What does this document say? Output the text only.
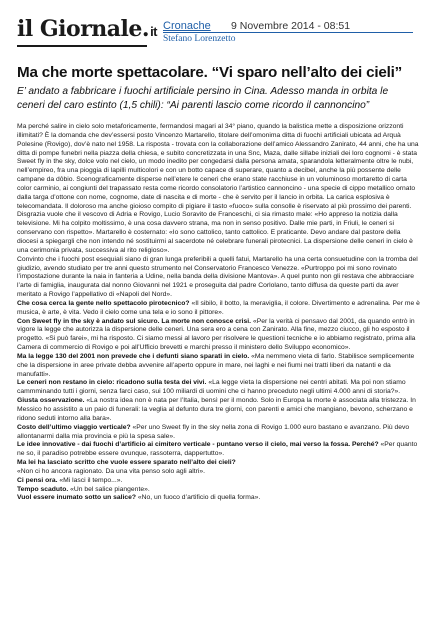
il Giornale.it Cronache 9 Novembre 2014 - 08:51
Stefano Lorenzetto
Ma che morte spettacolare. “Vi sparo nell’alto dei cieli”

E’ andato a fabbricare i fuochi artificiale persino in Cina. Adesso manda in orbita le ceneri del caro estinto (1,5 chili): “Ai parenti lascio come ricordo il cannoncino”

Ma perché salire in cielo solo metaforicamente, fermandosi magari al 34° piano, quando la balistica mette a disposizione orizzonti illimitati? È la domanda che dev’essersi posto Vincenzo Martarello, titolare dell’omonima ditta di fuochi artificiali ubicata ad Arquà Polesine (Rovigo), dov’è nato nel 1958. La risposta - trovata con la collaborazione dell’amico Alessandro Zanirato, 44 anni, che ha una ditta di pompe funebri nella piazza della chiesa, e subito concretizzata in una Snc, Maza, dalle sillabe iniziali dei loro cognomi - è stata Sweet fly in the sky, dolce volo nel cielo, un modo inedito per congedarsi dalla persona amata, sparandola letteralmente oltre le nubi, nell’empireo, fra una pioggia di lapilli multicolori e con un botto capace di superare, quanto a decibel, anche la più possente delle campane da dôbio. Scenograficamente disperse nell’etere le ceneri che erano state racchiuse in un voluminoso mortaretto di carta color carminio, ai congiunti del trapassato resta come ricordo consolatorio l’artistico cannoncino - una specie di cippo metallico ornato dalla targa d’ottone con nome, cognome, date di nascita e di morte - che è servito per il lancio in orbita. La carica esplosiva è telecomandata. Il doloroso ma anche gioioso compito di pigiare il tasto «fuoco» sulla consolle è riservato al più prossimo dei parenti. Disgrazia vuole che il vescovo di Adria e Rovigo, Lucio Soravito de Franceschi, ci sia rimasto male: «Ho appreso la notizia dalla televisione. Mi ha colpito moltissimo, è una cosa davvero strana, ma non in senso positivo. Dalle mie parti, in Friuli, le ceneri si conservano con rispetto». Martarello è costernato: «Io sono cattolico, tanto cattolico. E praticante. Devo andare dal pastore della diocesi a spiegargli che non intendo né sostituirmi al sacerdote né celebrare funerali pirotecnici. La dispersione delle ceneri in cielo è una cerimonia privata, successiva al rito religioso».

Convinto che i fuochi post esequiali siano di gran lunga preferibili a quelli fatui, Martarello ha una certa consuetudine con la tromba del giudizio, avendo studiato per tre anni questo strumento nel Conservatorio Francesco Venezze. «Purtroppo poi mi sono rovinato l’impostazione durante la naia in fanteria a Udine, nella banda della divisione Mantova». A quel punto non gli restava che abbracciare l’arte di famiglia, inaugurata dal nonno Giovanni nel 1921 e proseguita dal padre Corlolano, tanto diffusa da queste parti da aver meritato a Rovigo l’appellativo di «Napoli del Nord».

Che cosa cerca la gente nello spettacolo pirotecnico? «Il sibilo, il botto, la meraviglia, il colore. Divertimento e adrenalina. Per me è musica, è arte, è vita. Vedo il cielo come una tela e io sono il pittore».

Con Sweet fly in the sky è andato sul sicuro. La morte non conosce crisi. «Per la verità ci pensavo dal 2001, da quando entrò in vigore la legge che autorizza la dispersione delle ceneri. Una sera ero a cena con Zanirato. Alla fine, mezzo ciucco, gli ho esposto il progetto. «Si può farei», mi ha risposto. Ci siamo messi al lavoro per risolvere le questioni tecniche e io abbiamo registrato, prima alla Camera di commercio di Rovigo e poi all’Ufficio brevetti e marchi presso il ministero dello Sviluppo economico».

Ma la legge 130 del 2001 non prevede che i defunti siano sparati in cielo. «Ma nemmeno vieta di farlo. Stabilisce semplicemente che la dispersione in aree private debba avvenire all’aperto oppure in mare, nei laghi e nei fiumi nei tratti liberi da natanti e da manufatti».

Le ceneri non restano in cielo: ricadono sulla testa dei vivi. «La legge vieta la dispersione nei centri abitati. Ma poi non stiamo cammminando tutti i giorni, senza farci caso, sui 100 miliardi di uomini che ci hanno preceduto negli ultimi 4.000 anni di storia?».

Giusta osservazione. «La nostra idea non è nata per l’Italia, bensì per il mondo. Solo in Europa la morte è associata alla tristezza. In Messico ho assistito a un paio di funerali: la veglia al defunto dura tre giorni, con parenti e amici che mangiano, bevono, scherzano e ridono seduti intorno alla bara».

Costo dell’ultimo viaggio verticale? «Per uno Sweet fly in the sky nella zona di Rovigo 1.000 euro bastano e avanzano. Più devo allontanarmi dalla mia provincia e più la spesa sale».

Le idee innovative - dai fuochi d’artificio ai cimitero verticale - puntano verso il cielo, mai verso la fossa. Perché? «Per quanto ne so, il paradiso potrebbe essere ovunque, rassoterra, dappertutto».

Ma lei ha lasciato scritto che vuole essere sparato nell’alto dei cieli?

«Non ci ho ancora ragionato. Da una vita penso solo agli altri».

Ci pensi ora. «Mi lasci il tempo...».

Tempo scaduto. «Un bel salice piangente».

Vuol essere inumato sotto un salice? «No, un fuoco d’artificio di quella forma».
